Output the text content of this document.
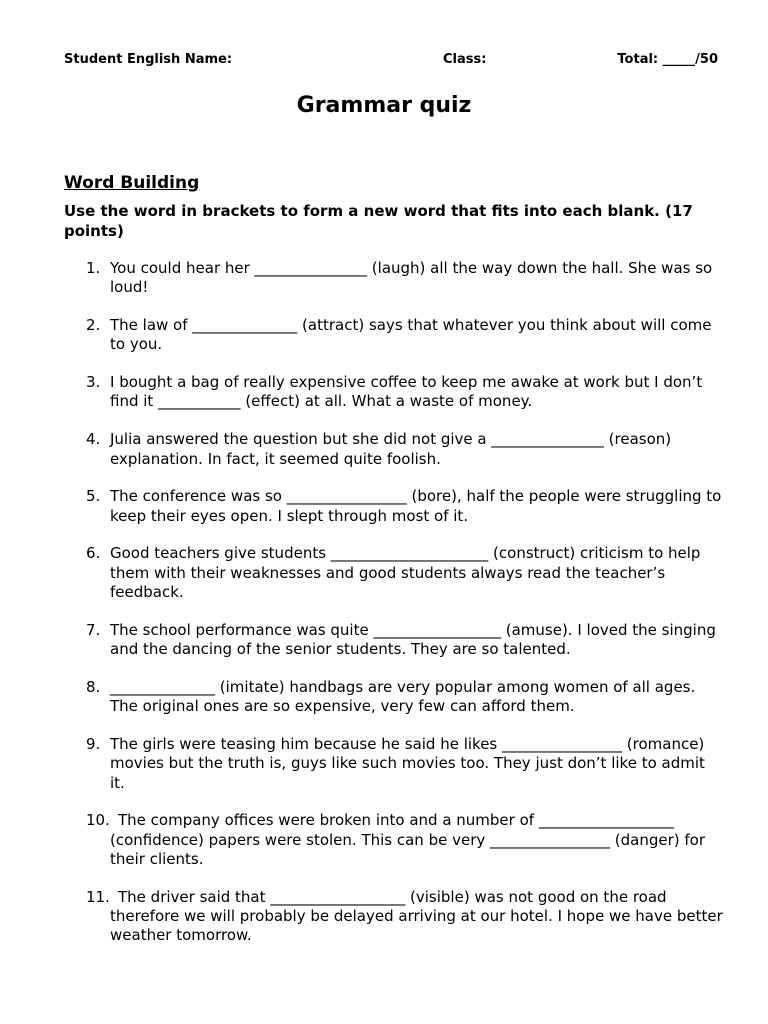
Student English Name:	Class:	Total: _____/50
Grammar quiz
Word Building
Use the word in brackets to form a new word that fits into each blank. (17 points)
1. You could hear her _______________ (laugh) all the way down the hall. She was so loud!
2. The law of ______________ (attract) says that whatever you think about will come to you.
3. I bought a bag of really expensive coffee to keep me awake at work but I don’t find it ___________ (effect) at all. What a waste of money.
4. Julia answered the question but she did not give a _______________ (reason) explanation. In fact, it seemed quite foolish.
5. The conference was so ________________ (bore), half the people were struggling to keep their eyes open. I slept through most of it.
6. Good teachers give students _____________________ (construct) criticism to help them with their weaknesses and good students always read the teacher’s feedback.
7. The school performance was quite _________________ (amuse). I loved the singing and the dancing of the senior students. They are so talented.
8. ______________ (imitate) handbags are very popular among women of all ages. The original ones are so expensive, very few can afford them.
9. The girls were teasing him because he said he likes ________________ (romance) movies but the truth is, guys like such movies too. They just don’t like to admit it.
10. The company offices were broken into and a number of __________________ (confidence) papers were stolen. This can be very ________________ (danger) for their clients.
11. The driver said that __________________ (visible) was not good on the road therefore we will probably be delayed arriving at our hotel. I hope we have better weather tomorrow.
